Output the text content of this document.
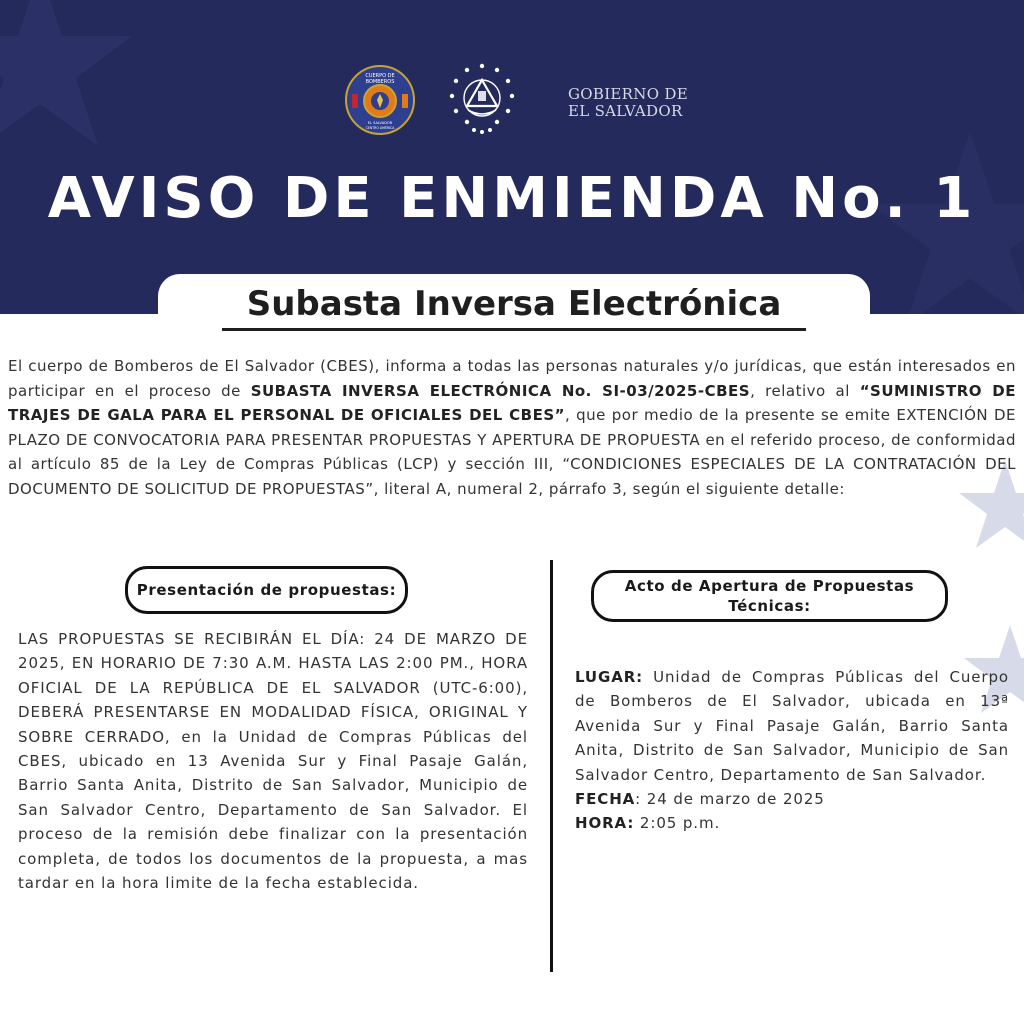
CUERPO DE
BOMBEROS
EL SALVADOR
CENTRO AMÉRICA
GOBIERNO DE
EL SALVADOR
AVISO DE ENMIENDA No. 1
Subasta Inversa Electrónica
El cuerpo de Bomberos de El Salvador (CBES), informa a todas las personas naturales y/o jurídicas, que están interesados en participar en el proceso de SUBASTA INVERSA ELECTRÓNICA No. SI-03/2025-CBES, relativo al “SUMINISTRO DE TRAJES DE GALA PARA EL PERSONAL DE OFICIALES DEL CBES”, que por medio de la presente se emite EXTENCIÓN DE PLAZO DE CONVOCATORIA PARA PRESENTAR PROPUESTAS Y APERTURA DE PROPUESTA en el referido proceso, de conformidad al artículo 85 de la Ley de Compras Públicas (LCP) y sección III, “CONDICIONES ESPECIALES DE LA CONTRATACIÓN DEL DOCUMENTO DE SOLICITUD DE PROPUESTAS”, literal A, numeral 2, párrafo 3, según el siguiente detalle:
Presentación de propuestas:	Acto de Apertura de Propuestas
Técnicas:
LAS PROPUESTAS SE RECIBIRÁN EL DÍA: 24 DE MARZO DE 2025, EN HORARIO DE 7:30 A.M. HASTA LAS 2:00 PM., HORA OFICIAL DE LA REPÚBLICA DE EL SALVADOR (UTC-6:00), DEBERÁ PRESENTARSE EN MODALIDAD FÍSICA, ORIGINAL Y SOBRE CERRADO, en la Unidad de Compras Públicas del CBES, ubicado en 13 Avenida Sur y Final Pasaje Galán, Barrio Santa Anita, Distrito de San Salvador, Municipio de San Salvador Centro, Departamento de San Salvador. El proceso de la remisión debe finalizar con la presentación completa, de todos los documentos de la propuesta, a mas tardar en la hora limite de la fecha establecida.

LUGAR: Unidad de Compras Públicas del Cuerpo de Bomberos de El Salvador, ubicada en 13ª Avenida Sur y Final Pasaje Galán, Barrio Santa Anita, Distrito de San Salvador, Municipio de San Salvador Centro, Departamento de San Salvador.

FECHA: 24 de marzo de 2025

HORA: 2:05 p.m.
